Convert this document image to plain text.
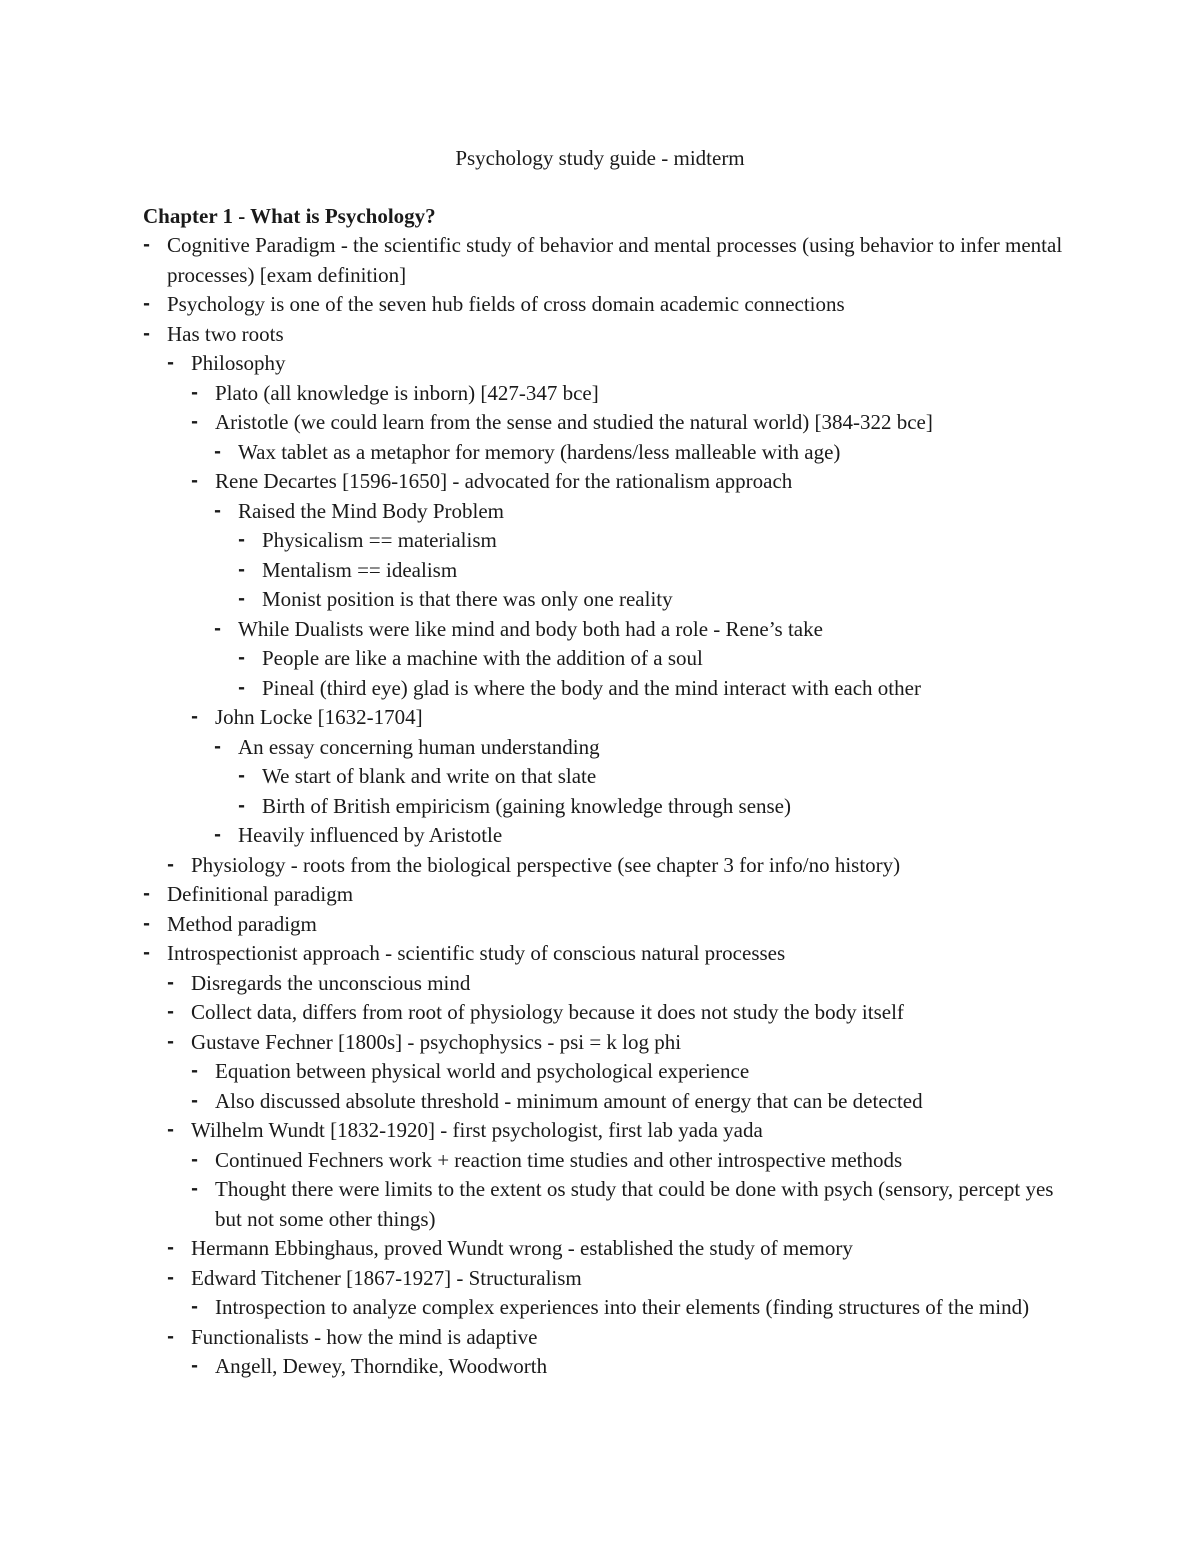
Psychology study guide - midterm
Chapter 1 - What is Psychology?
- Cognitive Paradigm - the scientific study of behavior and mental processes (using behavior to infer mental processes) [exam definition]
- Psychology is one of the seven hub fields of cross domain academic connections
- Has two roots
- Philosophy
- Plato (all knowledge is inborn) [427-347 bce]
- Aristotle (we could learn from the sense and studied the natural world) [384-322 bce]
- Wax tablet as a metaphor for memory (hardens/less malleable with age)
- Rene Decartes [1596-1650] - advocated for the rationalism approach
- Raised the Mind Body Problem
- Physicalism == materialism
- Mentalism == idealism
- Monist position is that there was only one reality
- While Dualists were like mind and body both had a role - Rene’s take
- People are like a machine with the addition of a soul
- Pineal (third eye) glad is where the body and the mind interact with each other
- John Locke [1632-1704]
- An essay concerning human understanding
- We start of blank and write on that slate
- Birth of British empiricism (gaining knowledge through sense)
- Heavily influenced by Aristotle
- Physiology - roots from the biological perspective (see chapter 3 for info/no history)
- Definitional paradigm
- Method paradigm
- Introspectionist approach - scientific study of conscious natural processes
- Disregards the unconscious mind
- Collect data, differs from root of physiology because it does not study the body itself
- Gustave Fechner [1800s] - psychophysics - psi = k log phi
- Equation between physical world and psychological experience
- Also discussed absolute threshold - minimum amount of energy that can be detected
- Wilhelm Wundt [1832-1920] - first psychologist, first lab yada yada
- Continued Fechners work + reaction time studies and other introspective methods
- Thought there were limits to the extent os study that could be done with psych (sensory, percept yes but not some other things)
- Hermann Ebbinghaus, proved Wundt wrong - established the study of memory
- Edward Titchener [1867-1927] - Structuralism
- Introspection to analyze complex experiences into their elements (finding structures of the mind)
- Functionalists - how the mind is adaptive
- Angell, Dewey, Thorndike, Woodworth
